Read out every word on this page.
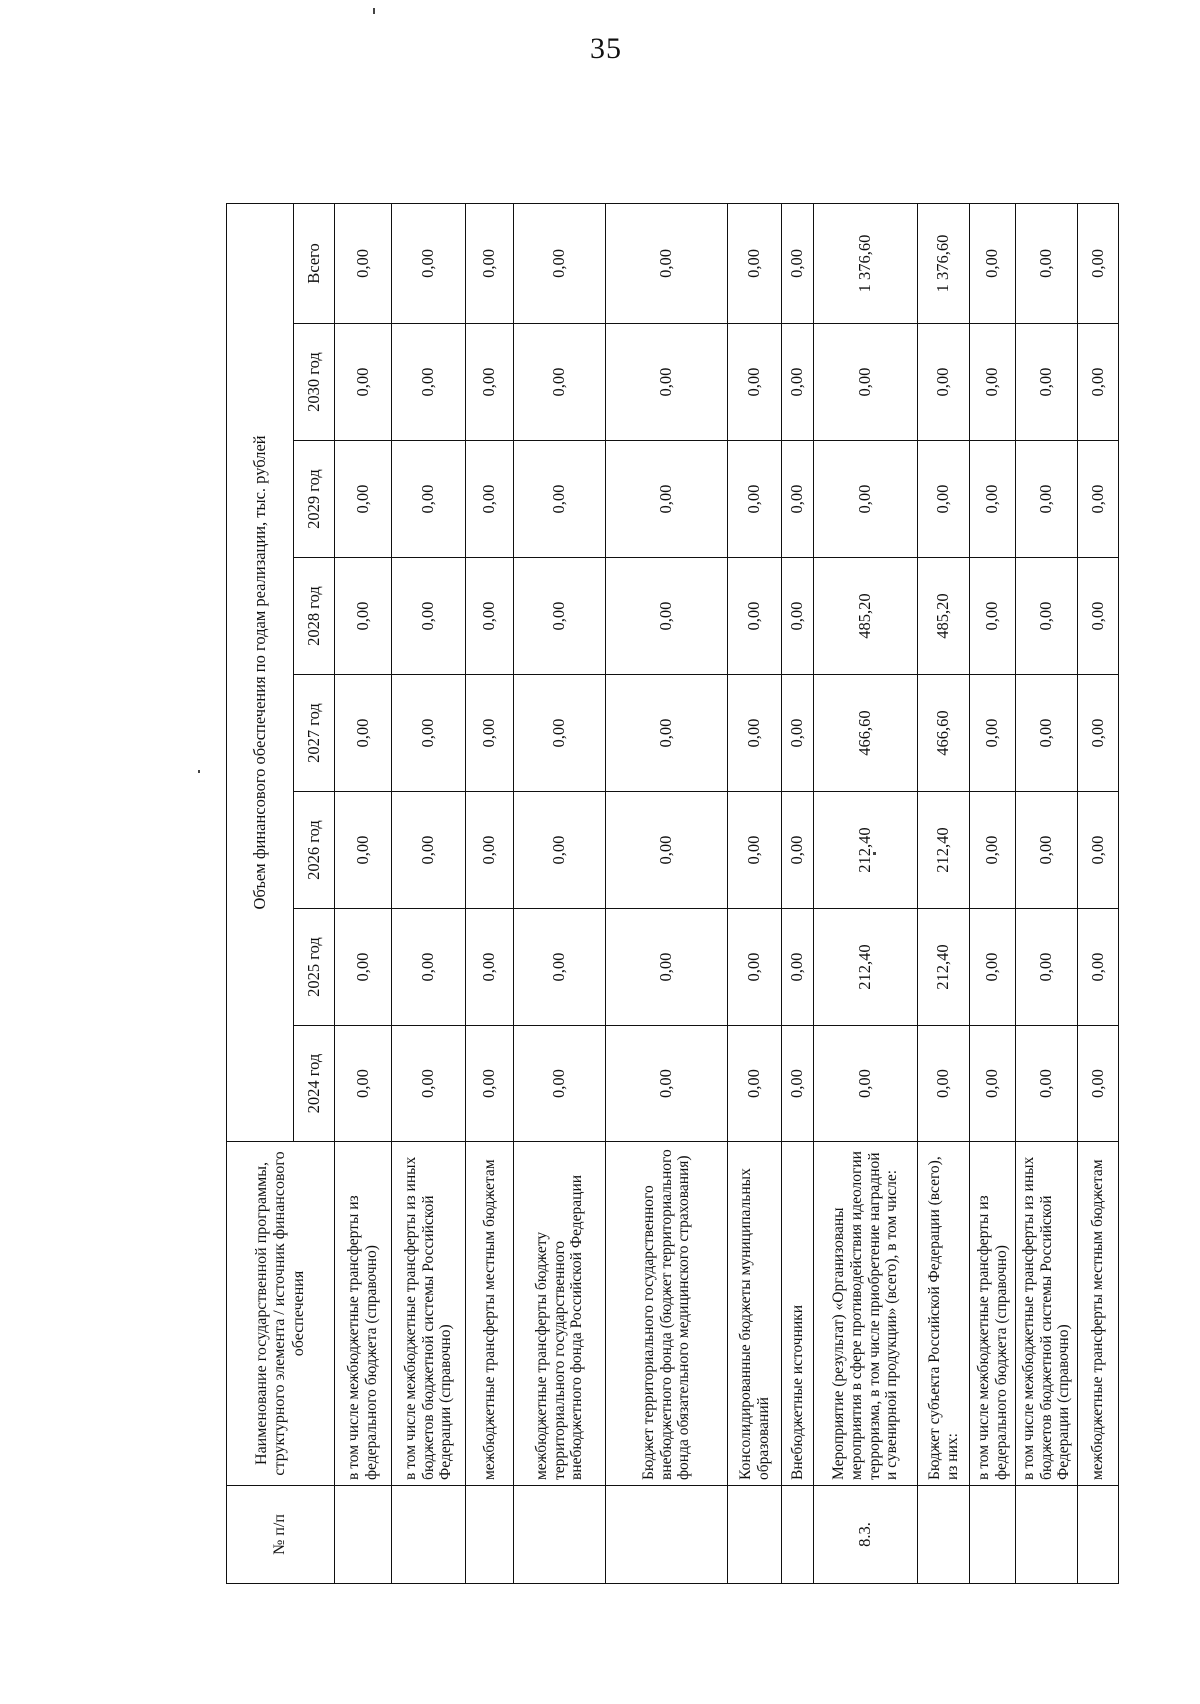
35
№ п/п	Наименование государственной программы, структурного элемента / источник финансового обеспечения	Объем финансового обеспечения по годам реализации, тыс. рублей							
		2024 год	2025 год	2026 год	2027 год	2028 год	2029 год	2030 год	Всего
	в том числе межбюджетные трансферты из федерального бюджета (справочно)	0,00	0,00	0,00	0,00	0,00	0,00	0,00	0,00
	в том числе межбюджетные трансферты из иных бюджетов бюджетной системы Российской Федерации (справочно)	0,00	0,00	0,00	0,00	0,00	0,00	0,00	0,00
	межбюджетные трансферты местным бюджетам	0,00	0,00	0,00	0,00	0,00	0,00	0,00	0,00
	межбюджетные трансферты бюджету территориального государственного внебюджетного фонда Российской Федерации	0,00	0,00	0,00	0,00	0,00	0,00	0,00	0,00
	Бюджет территориального государственного внебюджетного фонда (бюджет территориального фонда обязательного медицинского страхования)	0,00	0,00	0,00	0,00	0,00	0,00	0,00	0,00
	Консолидированные бюджеты муниципальных образований	0,00	0,00	0,00	0,00	0,00	0,00	0,00	0,00
	Внебюджетные источники	0,00	0,00	0,00	0,00	0,00	0,00	0,00	0,00
8.3.	Мероприятие (результат) «Организованы мероприятия в сфере противодействия идеологии терроризма, в том числе приобретение наградной и сувенирной продукции» (всего), в том числе:	0,00	212,40	212,40	466,60	485,20	0,00	0,00	1 376,60
	Бюджет субъекта Российской Федерации (всего), из них:	0,00	212,40	212,40	466,60	485,20	0,00	0,00	1 376,60
	в том числе межбюджетные трансферты из федерального бюджета (справочно)	0,00	0,00	0,00	0,00	0,00	0,00	0,00	0,00
	в том числе межбюджетные трансферты из иных бюджетов бюджетной системы Российской Федерации (справочно)	0,00	0,00	0,00	0,00	0,00	0,00	0,00	0,00
	межбюджетные трансферты местным бюджетам	0,00	0,00	0,00	0,00	0,00	0,00	0,00	0,00
